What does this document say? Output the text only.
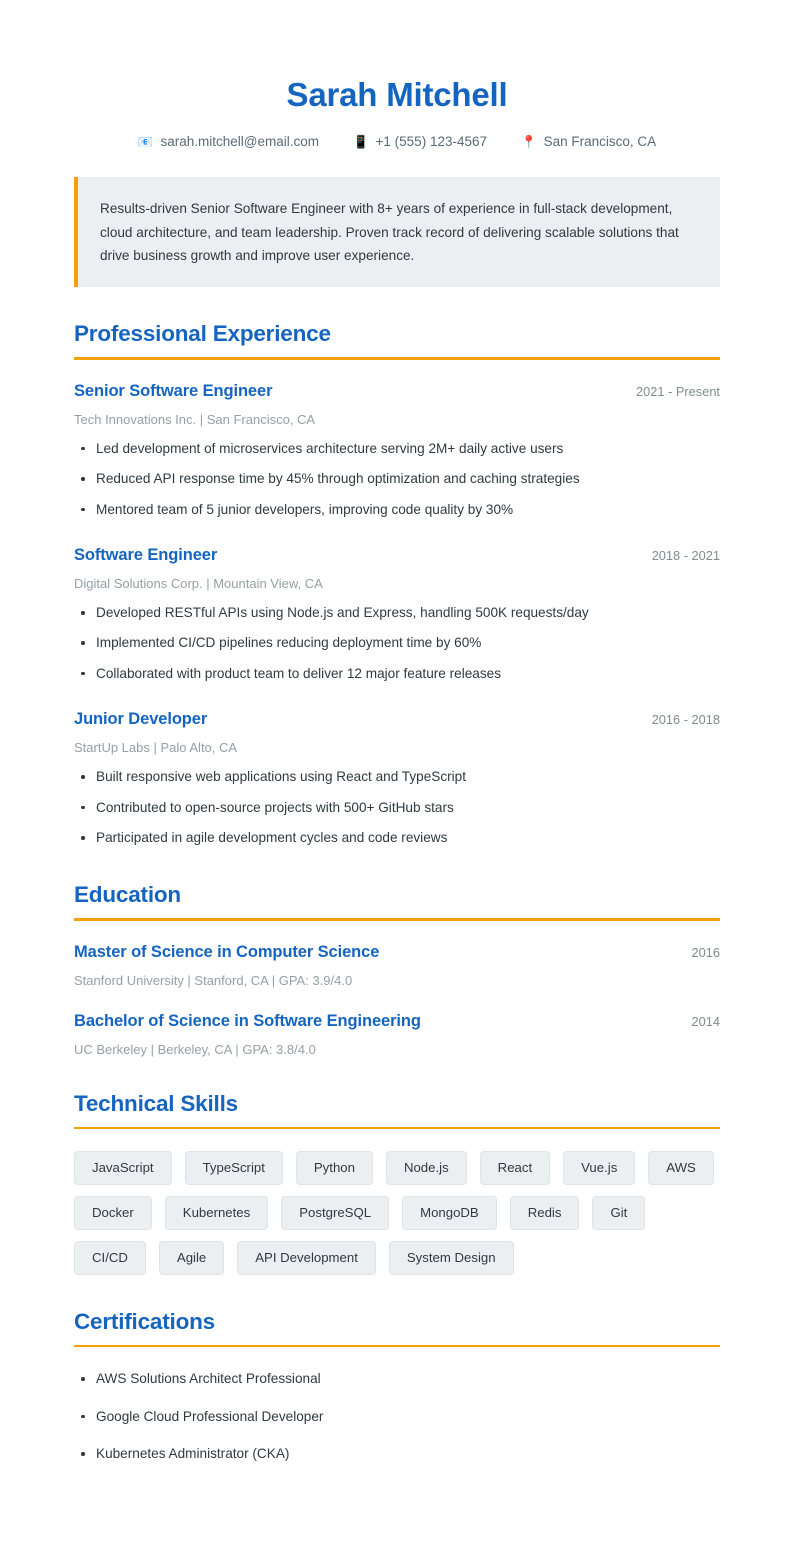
Sarah Mitchell
📧 sarah.mitchell@email.com	📱 +1 (555) 123-4567	📍 San Francisco, CA
Results-driven Senior Software Engineer with 8+ years of experience in full-stack development, cloud architecture, and team leadership. Proven track record of delivering scalable solutions that drive business growth and improve user experience.
Professional Experience
Senior Software Engineer	2021 - Present
Tech Innovations Inc. | San Francisco, CA
Led development of microservices architecture serving 2M+ daily active users
Reduced API response time by 45% through optimization and caching strategies
Mentored team of 5 junior developers, improving code quality by 30%
Software Engineer	2018 - 2021
Digital Solutions Corp. | Mountain View, CA
Developed RESTful APIs using Node.js and Express, handling 500K requests/day
Implemented CI/CD pipelines reducing deployment time by 60%
Collaborated with product team to deliver 12 major feature releases
Junior Developer	2016 - 2018
StartUp Labs | Palo Alto, CA
Built responsive web applications using React and TypeScript
Contributed to open-source projects with 500+ GitHub stars
Participated in agile development cycles and code reviews
Education
Master of Science in Computer Science	2016
Stanford University | Stanford, CA | GPA: 3.9/4.0
Bachelor of Science in Software Engineering	2014
UC Berkeley | Berkeley, CA | GPA: 3.8/4.0
Technical Skills
JavaScript	TypeScript	Python	Node.js	React	Vue.js	AWS
Docker	Kubernetes	PostgreSQL	MongoDB	Redis	Git
CI/CD	Agile	API Development	System Design
Certifications
AWS Solutions Architect Professional
Google Cloud Professional Developer
Kubernetes Administrator (CKA)
